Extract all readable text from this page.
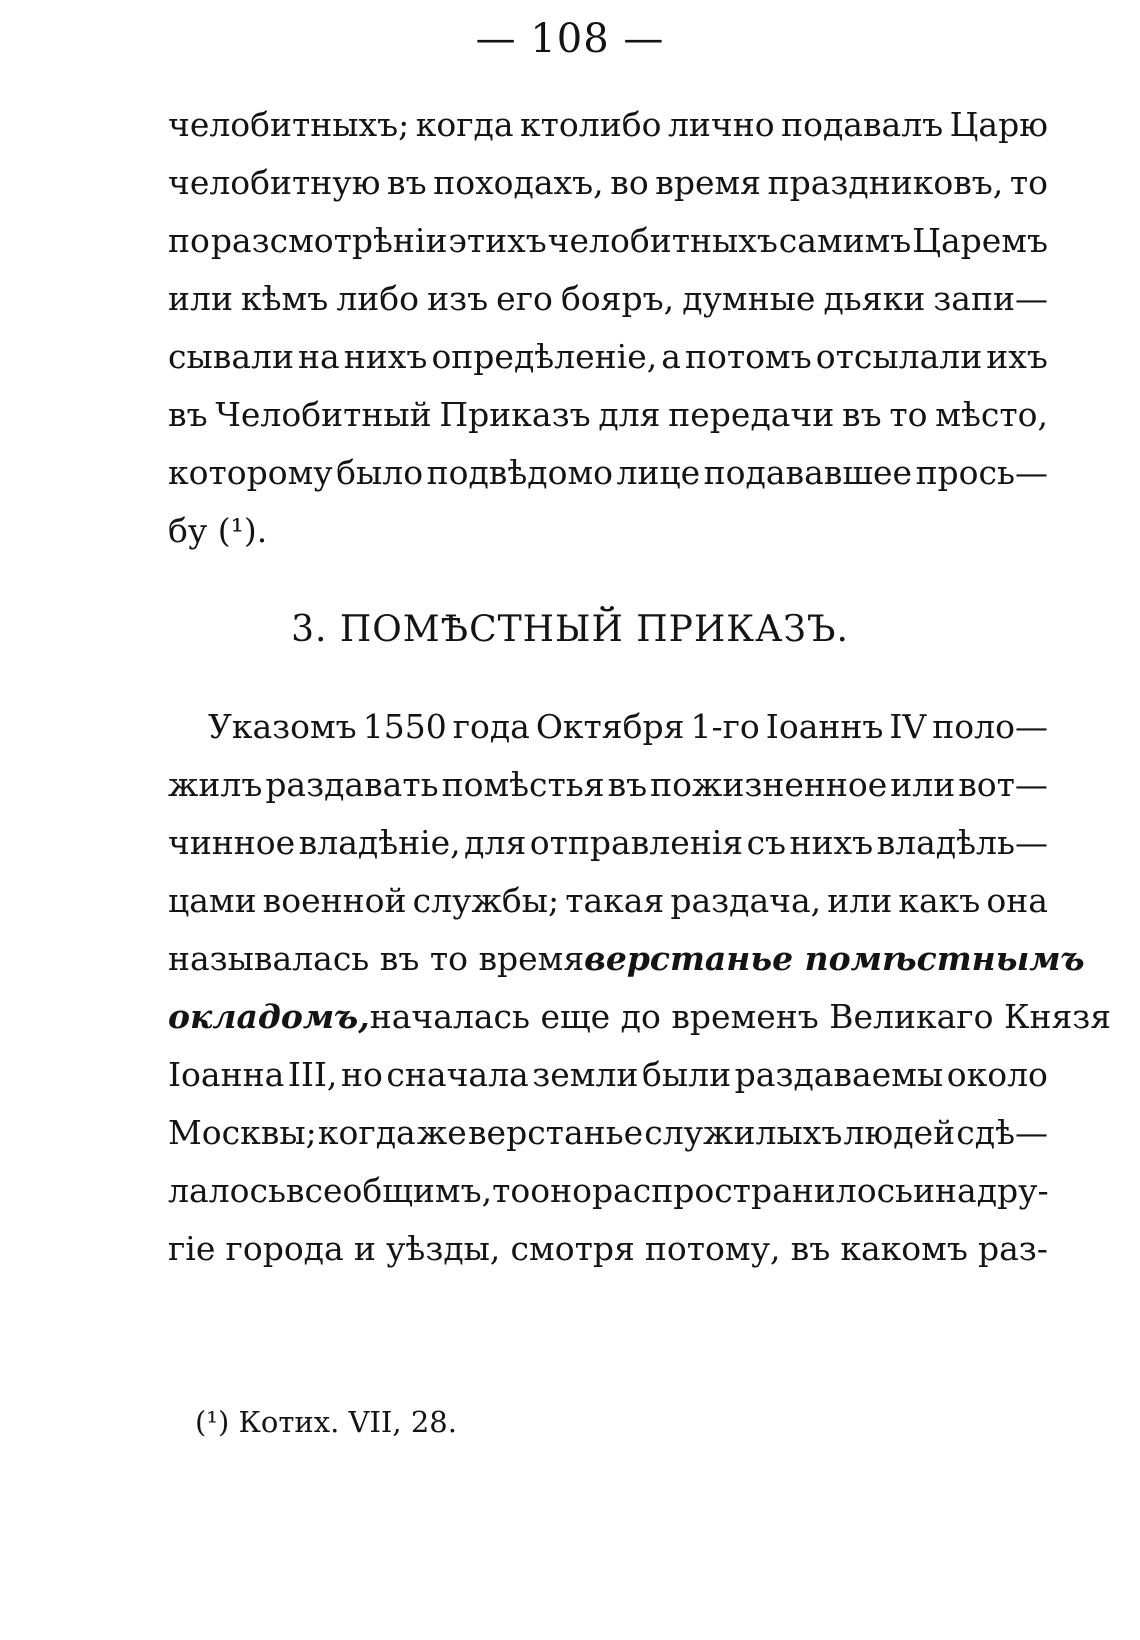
— 108 —
челобитныхъ; когда ктолибо лично подавалъ Царю
челобитную въ походахъ, во время праздниковъ, то
по разсмотрѣніи этихъ челобитныхъ самимъ Царемъ
или кѣмъ либо изъ его бояръ, думные дьяки запи—
сывали на нихъ опредѣленіе, а потомъ отсылали ихъ
въ Челобитный Приказъ для передачи въ то мѣсто,
которому было подвѣдомо лице подававшее прось—
бу (¹).
3. ПОМѢСТНЫЙ ПРИКАЗЪ.
Указомъ 1550 года Октября 1-го Іоаннъ IV поло—
жилъ раздавать помѣстья въ пожизненное или вот—
чинное владѣніе, для отправленія съ нихъ владѣль—
цами военной службы; такая раздача, или какъ она
называлась въ то время верстанье помѣстнымъ
окладомъ, началась еще до временъ Великаго Князя
Іоанна III, но сначала земли были раздаваемы около
Москвы; когда же верстанье служилыхъ людей сдѣ—
лалось всеобщимъ, то оно распространилось и на дру-
гіе города и уѣзды, смотря потому, въ какомъ раз-
(¹) Котих. VII, 28.
